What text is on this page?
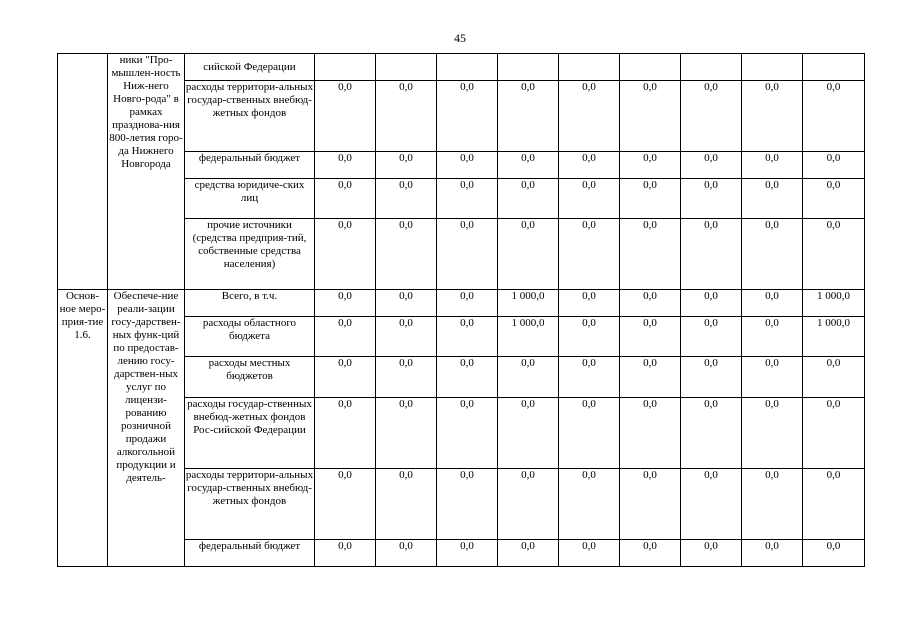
45
	ники "Про-мышлен-ность Ниж-него Новго-рода" в рамках празднова-ния 800-летия горо-да Нижнего Новгорода	сийской Федерации									
		расходы территори-альных государ-ственных внебюд-жетных фондов	0,0	0,0	0,0	0,0	0,0	0,0	0,0	0,0	0,0
		федеральный бюджет	0,0	0,0	0,0	0,0	0,0	0,0	0,0	0,0	0,0
		средства юридиче-ских лиц	0,0	0,0	0,0	0,0	0,0	0,0	0,0	0,0	0,0
		прочие источники (средства предприя-тий, собственные средства населения)	0,0	0,0	0,0	0,0	0,0	0,0	0,0	0,0	0,0
Основ-ное меро-прия-тие 1.6.	Обеспече-ние реали-зации госу-дарствен-ных функ-ций по предостав-лению госу-дарствен-ных услуг по лицензи-рованию розничной продажи алкогольной продукции и деятель-	Всего, в т.ч.	0,0	0,0	0,0	1 000,0	0,0	0,0	0,0	0,0	1 000,0
		расходы областного бюджета	0,0	0,0	0,0	1 000,0	0,0	0,0	0,0	0,0	1 000,0
		расходы местных бюджетов	0,0	0,0	0,0	0,0	0,0	0,0	0,0	0,0	0,0
		расходы государ-ственных внебюд-жетных фондов Рос-сийской Федерации	0,0	0,0	0,0	0,0	0,0	0,0	0,0	0,0	0,0
		расходы территори-альных государ-ственных внебюд-жетных фондов	0,0	0,0	0,0	0,0	0,0	0,0	0,0	0,0	0,0
		федеральный бюджет	0,0	0,0	0,0	0,0	0,0	0,0	0,0	0,0	0,0
